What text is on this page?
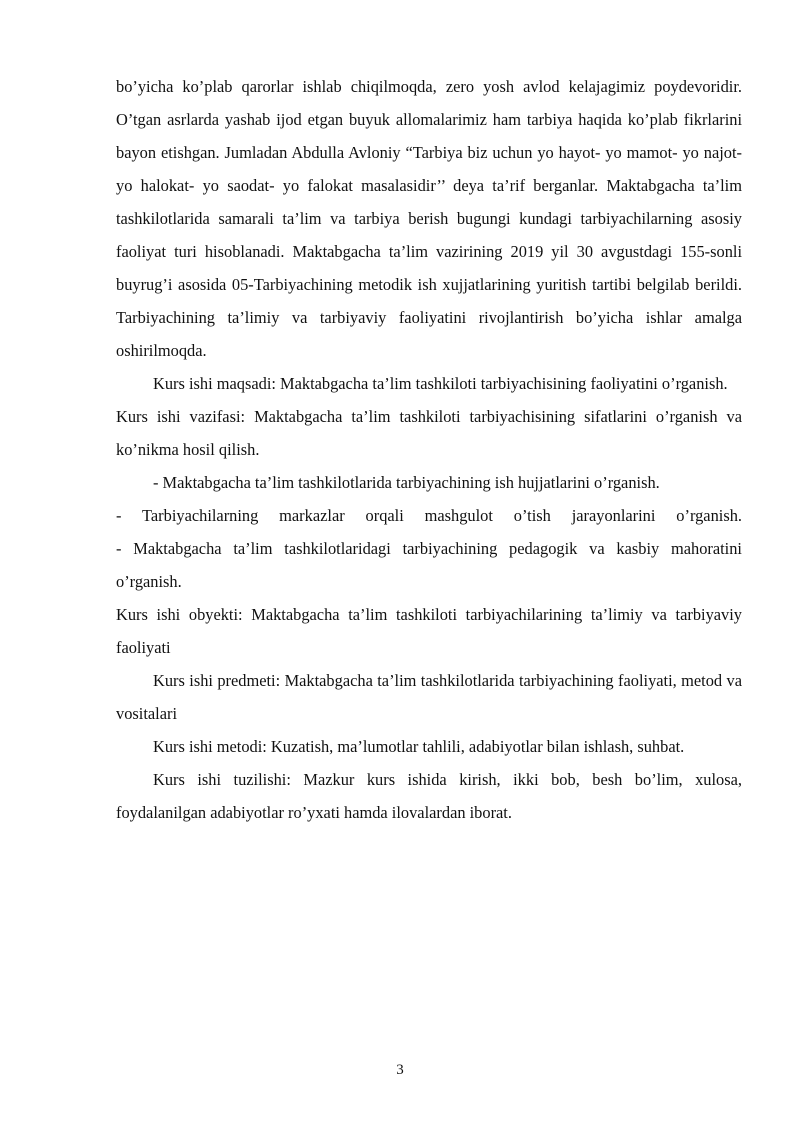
bo’yicha ko’plab qarorlar ishlab chiqilmoqda, zero yosh avlod kelajagimiz poydevoridir. O’tgan asrlarda yashab ijod etgan buyuk allomalarimiz ham tarbiya haqida ko’plab fikrlarini bayon etishgan. Jumladan Abdulla Avloniy “Tarbiya biz uchun yo hayot- yo mamot- yo najot- yo halokat- yo saodat- yo falokat masalasidir’’ deya ta’rif berganlar. Maktabgacha ta’lim tashkilotlarida samarali ta’lim va tarbiya berish bugungi kundagi tarbiyachilarning asosiy faoliyat turi hisoblanadi. Maktabgacha ta’lim vazirining 2019 yil 30 avgustdagi 155-sonli buyrug’i asosida 05-Tarbiyachining metodik ish xujjatlarining yuritish tartibi belgilab berildi. Tarbiyachining ta’limiy va tarbiyaviy faoliyatini rivojlantirish bo’yicha ishlar amalga oshirilmoqda.

Kurs ishi maqsadi: Maktabgacha ta’lim tashkiloti tarbiyachisining faoliyatini o’rganish.

Kurs ishi vazifasi: Maktabgacha ta’lim tashkiloti tarbiyachisining sifatlarini o’rganish va ko’nikma hosil qilish.

- Maktabgacha ta’lim tashkilotlarida tarbiyachining ish hujjatlarini o’rganish.

- Tarbiyachilarning markazlar orqali mashgulot o’tish jarayonlarini o’rganish.

- Maktabgacha ta’lim tashkilotlaridagi tarbiyachining pedagogik va kasbiy mahoratini o’rganish.

Kurs ishi obyekti: Maktabgacha ta’lim tashkiloti tarbiyachilarining ta’limiy va tarbiyaviy faoliyati

Kurs ishi predmeti: Maktabgacha ta’lim tashkilotlarida tarbiyachining faoliyati, metod va vositalari

Kurs ishi metodi: Kuzatish, ma’lumotlar tahlili, adabiyotlar bilan ishlash, suhbat.

Kurs ishi tuzilishi: Mazkur kurs ishida kirish, ikki bob, besh bo’lim, xulosa, foydalanilgan adabiyotlar ro’yxati hamda ilovalardan iborat.

3
